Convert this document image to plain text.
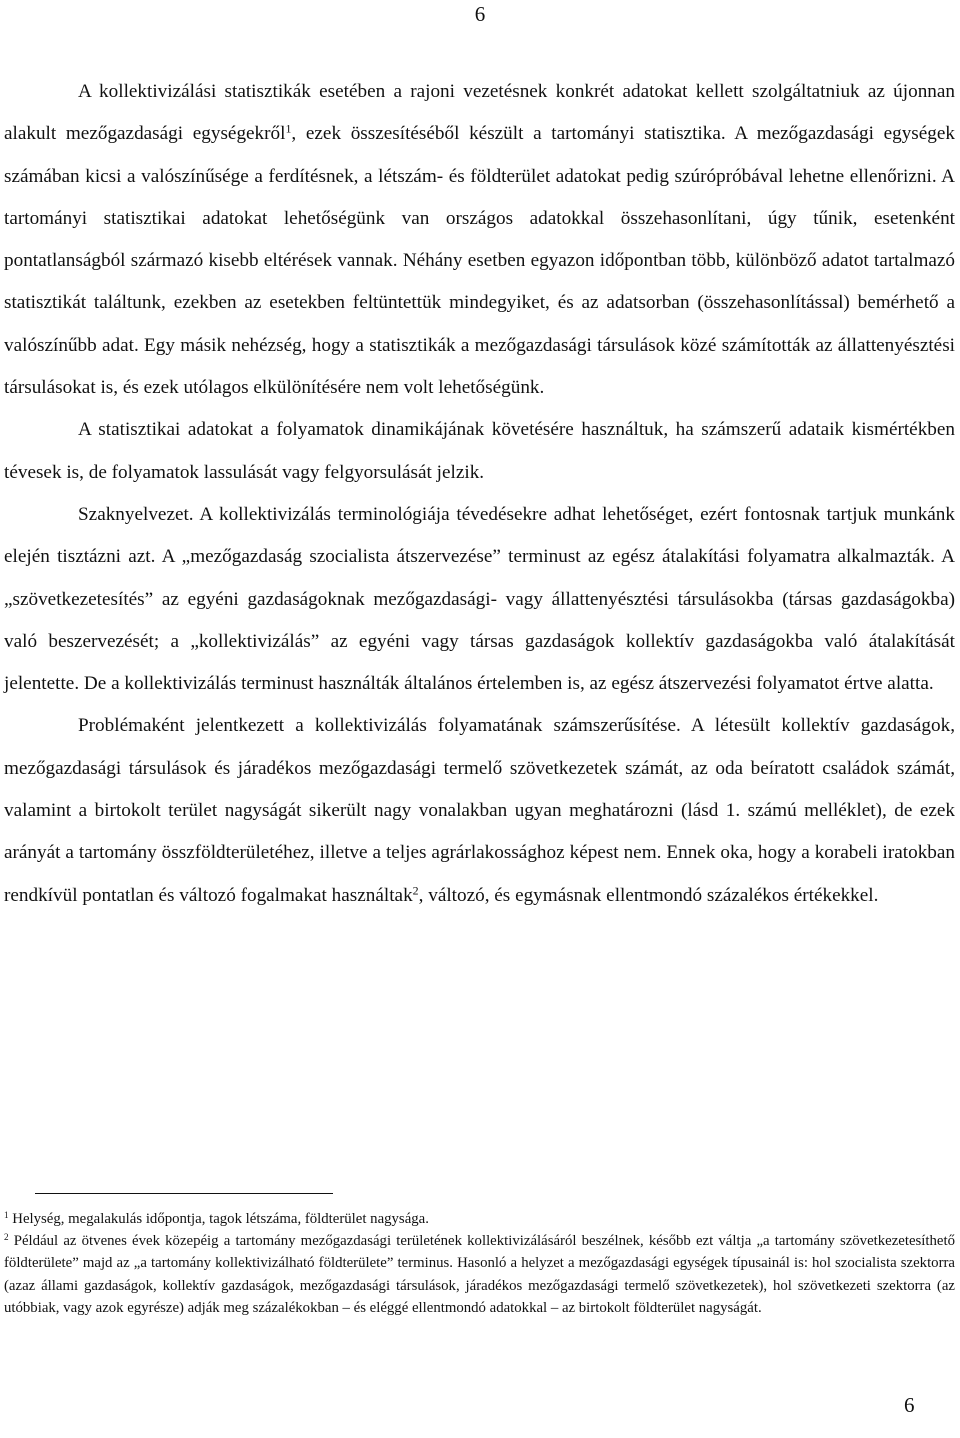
6

A kollektivizálási statisztikák esetében a rajoni vezetésnek konkrét adatokat kellett szolgáltatniuk az újonnan alakult mezőgazdasági egységekről$^1$, ezek összesítéséből készült a tartományi statisztika. A mezőgazdasági egységek számában kicsi a valószínűsége a ferdítésnek, a létszám- és földterület adatokat pedig szúrópróbával lehetne ellenőrizni. A tartományi statisztikai adatokat lehetőségünk van országos adatokkal összehasonlítani, úgy tűnik, esetenként pontatlanságból származó kisebb eltérések vannak. Néhány esetben egyazon időpontban több, különböző adatot tartalmazó statisztikát találtunk, ezekben az esetekben feltüntettük mindegyiket, és az adatsorban (összehasonlítással) bemérhető a valószínűbb adat. Egy másik nehézség, hogy a statisztikák a mezőgazdasági társulások közé számították az állattenyésztési társulásokat is, és ezek utólagos elkülönítésére nem volt lehetőségünk.

A statisztikai adatokat a folyamatok dinamikájának követésére használtuk, ha számszerű adataik kismértékben tévesek is, de folyamatok lassulását vagy felgyorsulását jelzik.

Szaknyelvezet. A kollektivizálás terminológiája tévedésekre adhat lehetőséget, ezért fontosnak tartjuk munkánk elején tisztázni azt. A „mezőgazdaság szocialista átszervezése” terminust az egész átalakítási folyamatra alkalmazták. A „szövetkezetesítés” az egyéni gazdaságoknak mezőgazdasági- vagy állattenyésztési társulásokba (társas gazdaságokba) való beszervezését; a „kollektivizálás” az egyéni vagy társas gazdaságok kollektív gazdaságokba való átalakítását jelentette. De a kollektivizálás terminust használták általános értelemben is, az egész átszervezési folyamatot értve alatta.

Problémaként jelentkezett a kollektivizálás folyamatának számszerűsítése. A létesült kollektív gazdaságok, mezőgazdasági társulások és járadékos mezőgazdasági termelő szövetkezetek számát, az oda beíratott családok számát, valamint a birtokolt terület nagyságát sikerült nagy vonalakban ugyan meghatározni (lásd 1. számú melléklet), de ezek arányát a tartomány összföldterületéhez, illetve a teljes agrárlakossághoz képest nem. Ennek oka, hogy a korabeli iratokban rendkívül pontatlan és változó fogalmakat használtak$^2$, változó, és egymásnak ellentmondó százalékos értékekkel.

$^1$ Helység, megalakulás időpontja, tagok létszáma, földterület nagysága.

$^2$ Például az ötvenes évek közepéig a tartomány mezőgazdasági területének kollektivizálásáról beszélnek, később ezt váltja „a tartomány szövetkezetesíthető földterülete” majd az „a tartomány kollektivizálható földterülete” terminus. Hasonló a helyzet a mezőgazdasági egységek típusainál is: hol szocialista szektorra (azaz állami gazdaságok, kollektív gazdaságok, mezőgazdasági társulások, járadékos mezőgazdasági termelő szövetkezetek), hol szövetkezeti szektorra (az utóbbiak, vagy azok egyrésze) adják meg százalékokban – és eléggé ellentmondó adatokkal – az birtokolt földterület nagyságát.

6
